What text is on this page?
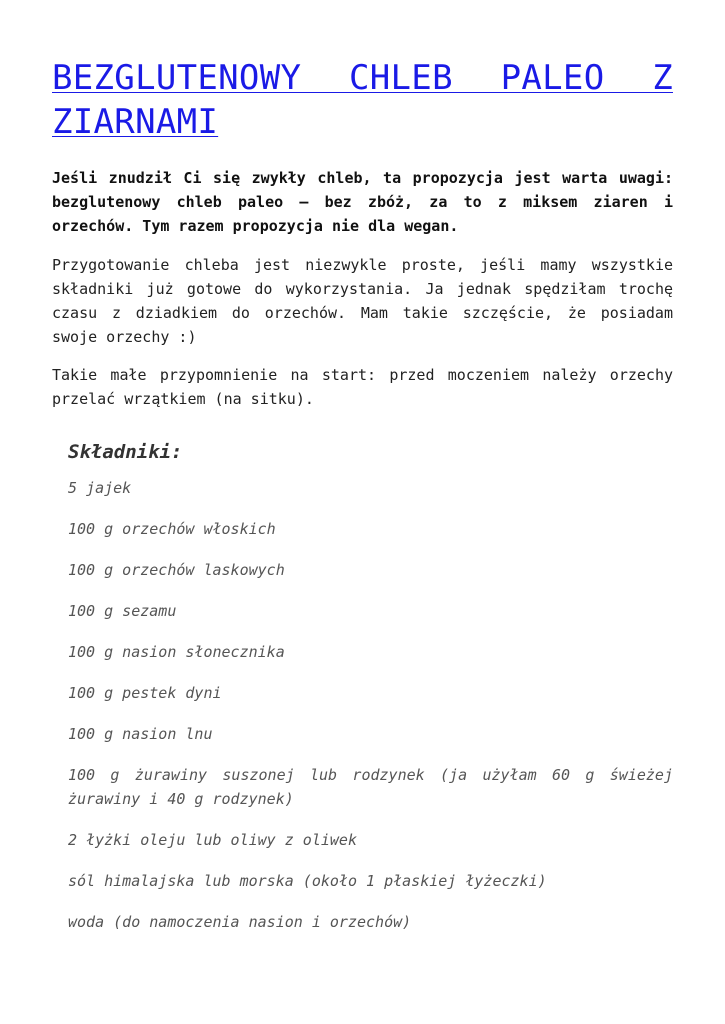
BEZGLUTENOWY CHLEB PALEO Z ZIARNAMI

Jeśli znudził Ci się zwykły chleb, ta propozycja jest warta uwagi: bezglutenowy chleb paleo – bez zbóż, za to z miksem ziaren i orzechów. Tym razem propozycja nie dla wegan.

Przygotowanie chleba jest niezwykle proste, jeśli mamy wszystkie składniki już gotowe do wykorzystania. Ja jednak spędziłam trochę czasu z dziadkiem do orzechów. Mam takie szczęście, że posiadam swoje orzechy :)

Takie małe przypomnienie na start: przed moczeniem należy orzechy przelać wrzątkiem (na sitku).

Składniki:
5 jajek
100 g orzechów włoskich
100 g orzechów laskowych
100 g sezamu
100 g nasion słonecznika
100 g pestek dyni
100 g nasion lnu
100 g żurawiny suszonej lub rodzynek (ja użyłam 60 g świeżej żurawiny i 40 g rodzynek)
2 łyżki oleju lub oliwy z oliwek
sól himalajska lub morska (około 1 płaskiej łyżeczki)
woda (do namoczenia nasion i orzechów)
